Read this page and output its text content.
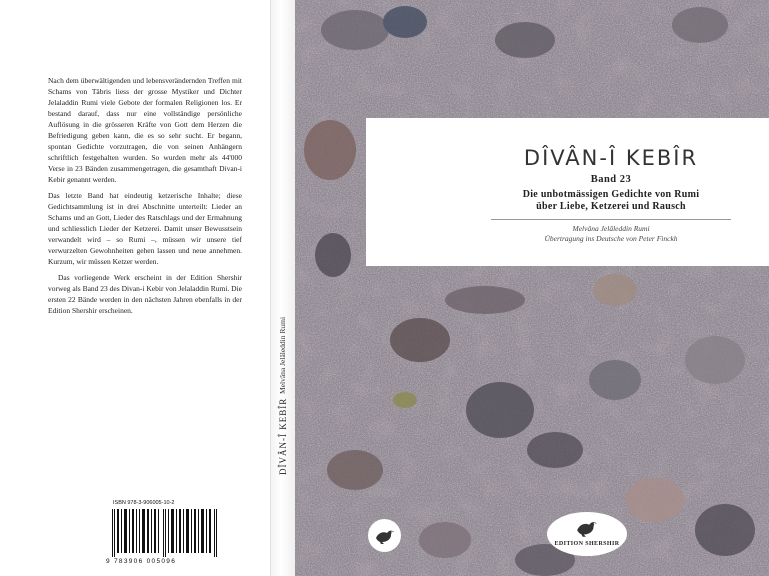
Nach dem überwältigenden und lebensverändernden Treffen mit Schams von Täbris liess der grosse Mystiker und Dichter Jelaladdin Rumi viele Gebote der formalen Religionen los. Er bestand darauf, dass nur eine vollständige persönliche Auflösung in die grösseren Kräfte von Gott dem Herzen die Befriedigung geben kann, die es so sehr sucht. Er begann, spontan Gedichte vorzutragen, die von seinen Anhängern schriftlich festgehalten wurden. So wurden mehr als 44'000 Verse in 23 Bänden zusammengetragen, die gesamthaft Divan-i Kebir genannt werden.

Das letzte Band hat eindeutig ketzerische Inhalte; diese Gedichtsammlung ist in drei Abschnitte unterteilt: Lieder an Schams und an Gott, Lieder des Ratschlags und der Ermahnung und schliesslich Lieder der Ketzerei. Damit unser Bewusstsein verwandelt wird – so Rumi –, müssen wir unsere tief verwurzelten Gewohnheiten gehen lassen und neue annehmen. Kurzum, wir müssen Ketzer werden.

Das vorliegende Werk erscheint in der Edition Shershir vorweg als Band 23 des Divan-i Kebir von Jelaladdin Rumi. Die ersten 22 Bände werden in den nächsten Jahren ebenfalls in der Edition Shershir erscheinen.

ISBN 978-3-906005-10-2
9 783906 005096
DÎVÂN-Î KEBÎR Melvâna Jelâleddin Rumi
DÎVÂN-Î KEBÎR
Band 23
Die unbotmässigen Gedichte von Rumi
über Liebe, Ketzerei und Rausch
Melvâna Jelâleddin Rumi
Übertragung ins Deutsche von Peter Finckh
EDITION SHERSHIR
